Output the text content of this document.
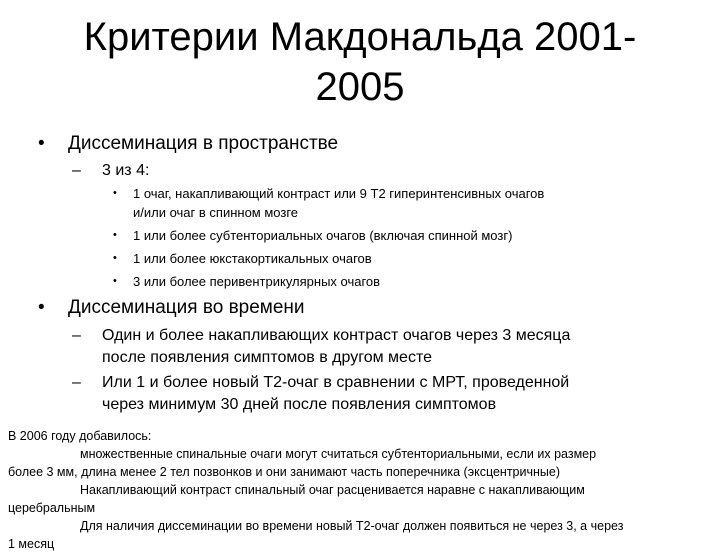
Критерии Макдональда 2001-
2005
• Диссеминация в пространстве
– 3 из 4:
• 1 очаг, накапливающий контраст или 9 Т2 гиперинтенсивных очагов
и/или очаг в спинном мозге
• 1 или более субтенториальных очагов (включая спинной мозг)
• 1 или более юкстакортикальных очагов
• 3 или более перивентрикулярных очагов
• Диссеминация во времени
– Один и более накапливающих контраст очагов через 3 месяца
после появления симптомов в другом месте
– Или 1 и более новый Т2-очаг в сравнении с МРТ, проведенной
через минимум 30 дней после появления симптомов
В 2006 году добавилось:
множественные спинальные очаги могут считаться субтенториальными, если их размер
более 3 мм, длина менее 2 тел позвонков и они занимают часть поперечника (эксцентричные)
Накапливающий контраст спинальный очаг расценивается наравне с накапливающим
церебральным
Для наличия диссеминации во времени новый Т2-очаг должен появиться не через 3, а через
1 месяц
